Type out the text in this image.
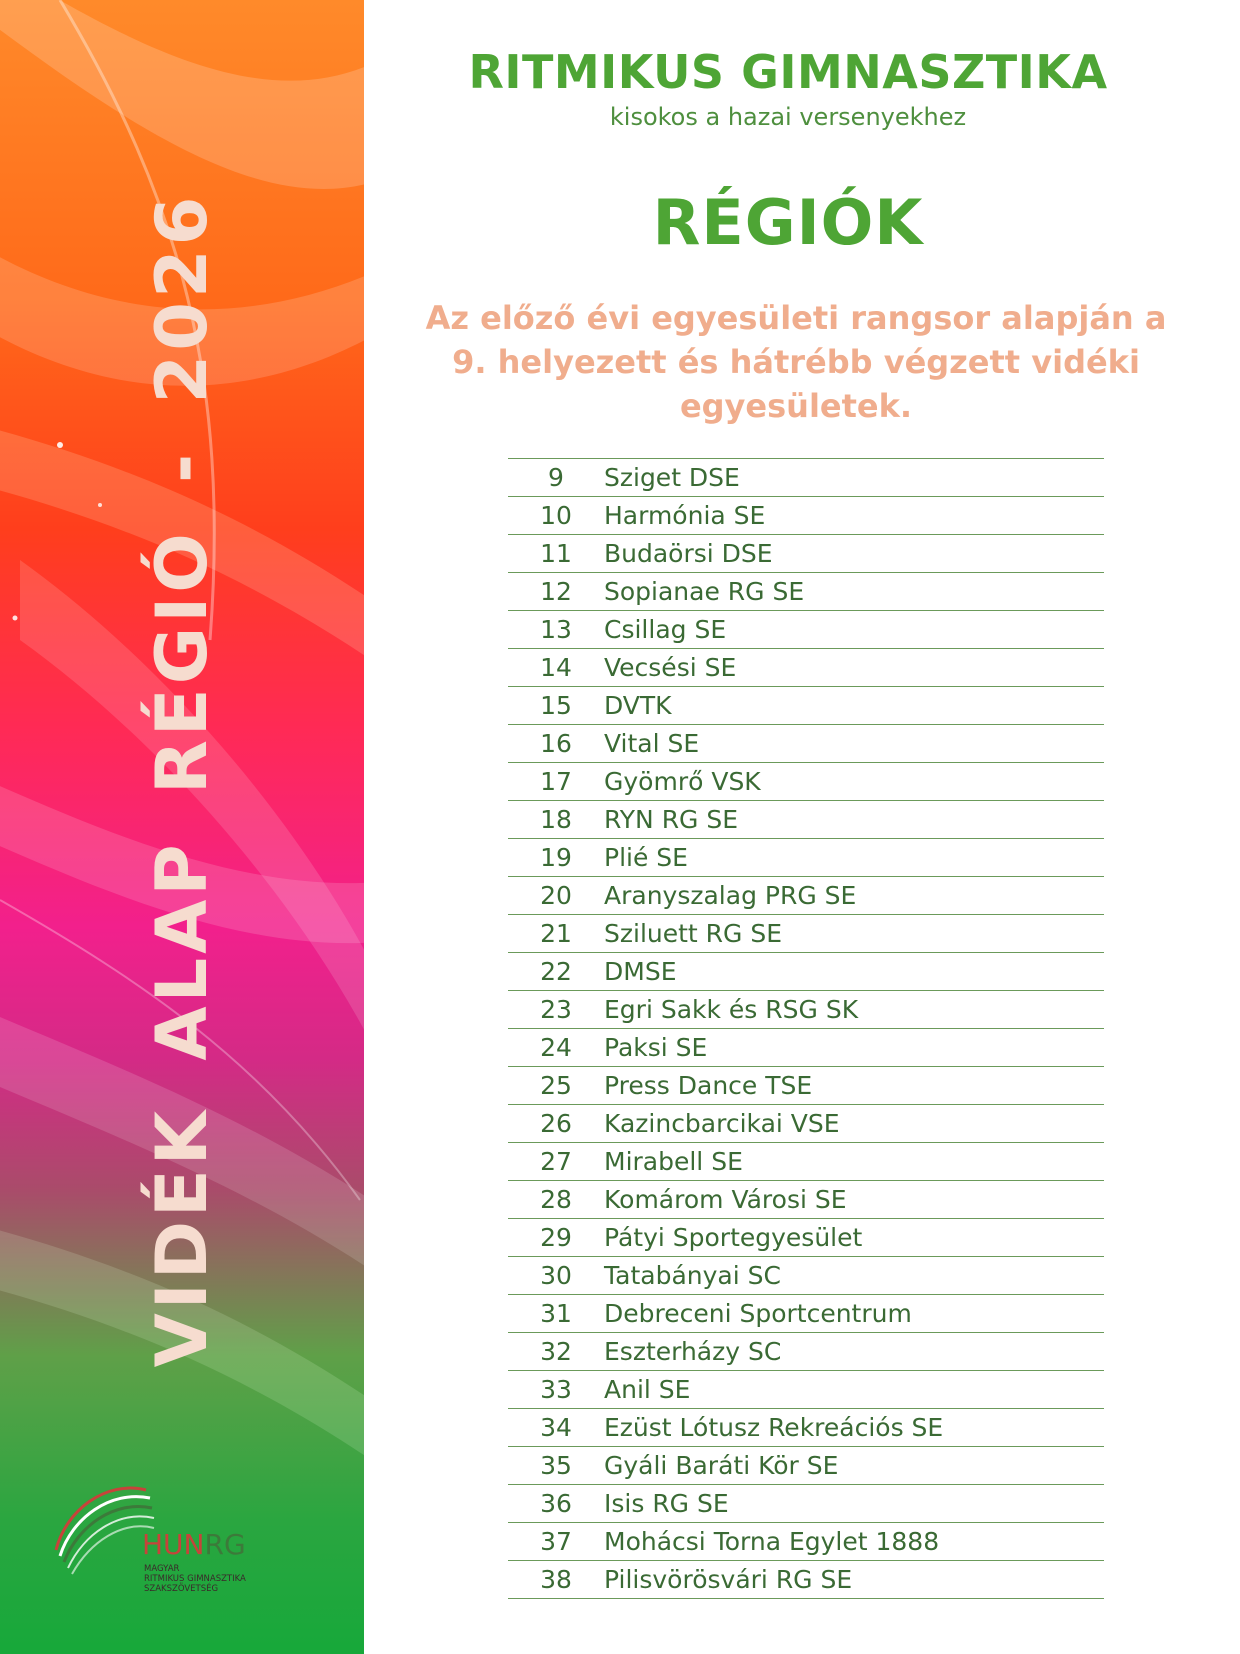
VIDÉK ALAP RÉGIÓ - 2026
HUNRG
MAGYAR
RITMIKUS GIMNASZTIKA
SZAKSZÖVETSÉG
RITMIKUS GIMNASZTIKA
kisokos a hazai versenyekhez
RÉGIÓK
Az előző évi egyesületi rangsor alapján a 9. helyezett és hátrébb végzett vidéki egyesületek.
9	Sziget DSE
10	Harmónia SE
11	Budaörsi DSE
12	Sopianae RG SE
13	Csillag SE
14	Vecsési SE
15	DVTK
16	Vital SE
17	Gyömrő VSK
18	RYN RG SE
19	Plié SE
20	Aranyszalag PRG SE
21	Sziluett RG SE
22	DMSE
23	Egri Sakk és RSG SK
24	Paksi SE
25	Press Dance TSE
26	Kazincbarcikai VSE
27	Mirabell SE
28	Komárom Városi SE
29	Pátyi Sportegyesület
30	Tatabányai SC
31	Debreceni Sportcentrum
32	Eszterházy SC
33	Anil SE
34	Ezüst Lótusz Rekreációs SE
35	Gyáli Baráti Kör SE
36	Isis RG SE
37	Mohácsi Torna Egylet 1888
38	Pilisvörösvári RG SE
